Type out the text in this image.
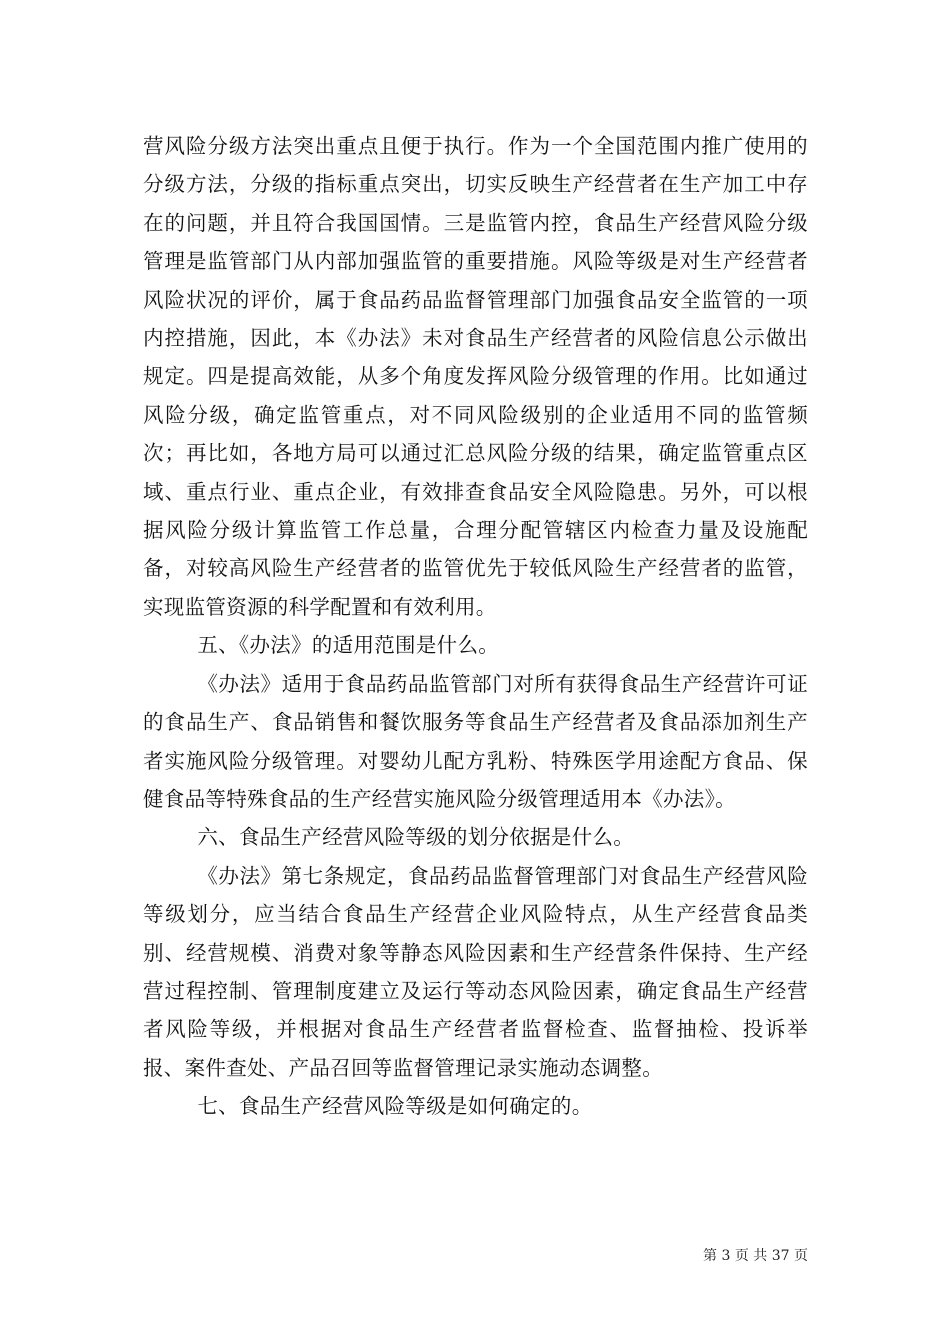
营风险分级方法突出重点且便于执行。作为一个全国范围内推广使用的分级方法，分级的指标重点突出，切实反映生产经营者在生产加工中存在的问题，并且符合我国国情。三是监管内控，食品生产经营风险分级管理是监管部门从内部加强监管的重要措施。风险等级是对生产经营者风险状况的评价，属于食品药品监督管理部门加强食品安全监管的一项内控措施，因此，本《办法》未对食品生产经营者的风险信息公示做出规定。四是提高效能，从多个角度发挥风险分级管理的作用。比如通过风险分级，确定监管重点，对不同风险级别的企业适用不同的监管频次；再比如，各地方局可以通过汇总风险分级的结果，确定监管重点区域、重点行业、重点企业，有效排查食品安全风险隐患。另外，可以根据风险分级计算监管工作总量，合理分配管辖区内检查力量及设施配备，对较高风险生产经营者的监管优先于较低风险生产经营者的监管，实现监管资源的科学配置和有效利用。

五、《办法》的适用范围是什么。

《办法》适用于食品药品监管部门对所有获得食品生产经营许可证的食品生产、食品销售和餐饮服务等食品生产经营者及食品添加剂生产者实施风险分级管理。对婴幼儿配方乳粉、特殊医学用途配方食品、保健食品等特殊食品的生产经营实施风险分级管理适用本《办法》。

六、食品生产经营风险等级的划分依据是什么。

《办法》第七条规定，食品药品监督管理部门对食品生产经营风险等级划分，应当结合食品生产经营企业风险特点，从生产经营食品类别、经营规模、消费对象等静态风险因素和生产经营条件保持、生产经营过程控制、管理制度建立及运行等动态风险因素，确定食品生产经营者风险等级，并根据对食品生产经营者监督检查、监督抽检、投诉举报、案件查处、产品召回等监督管理记录实施动态调整。

七、食品生产经营风险等级是如何确定的。

第 3 页 共 37 页
